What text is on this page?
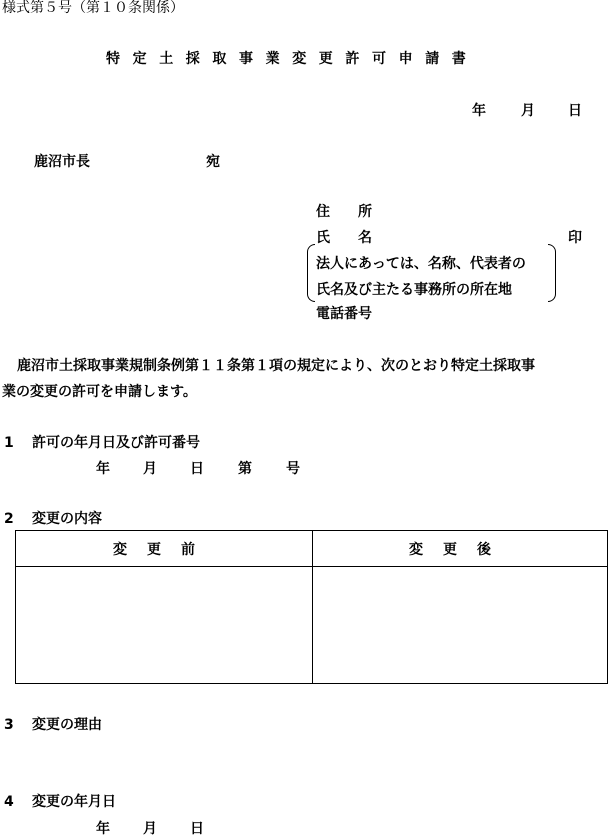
様式第５号（第１０条関係）
特定土採取事業変更許可申請書
年	月 日
鹿沼市長	宛
住　　所
氏　　名	印
法人にあっては、名称、代表者の
氏名及び主たる事務所の所在地
電話番号
鹿沼市土採取事業規制条例第１１条第１項の規定により、次のとおり特定土採取事
業の変更の許可を申請します。
1 許可の年月日及び許可番号
年 月 日 第 号
2 変更の内容
変更前	変更後

3 変更の理由
4 変更の年月日
年 月 日
